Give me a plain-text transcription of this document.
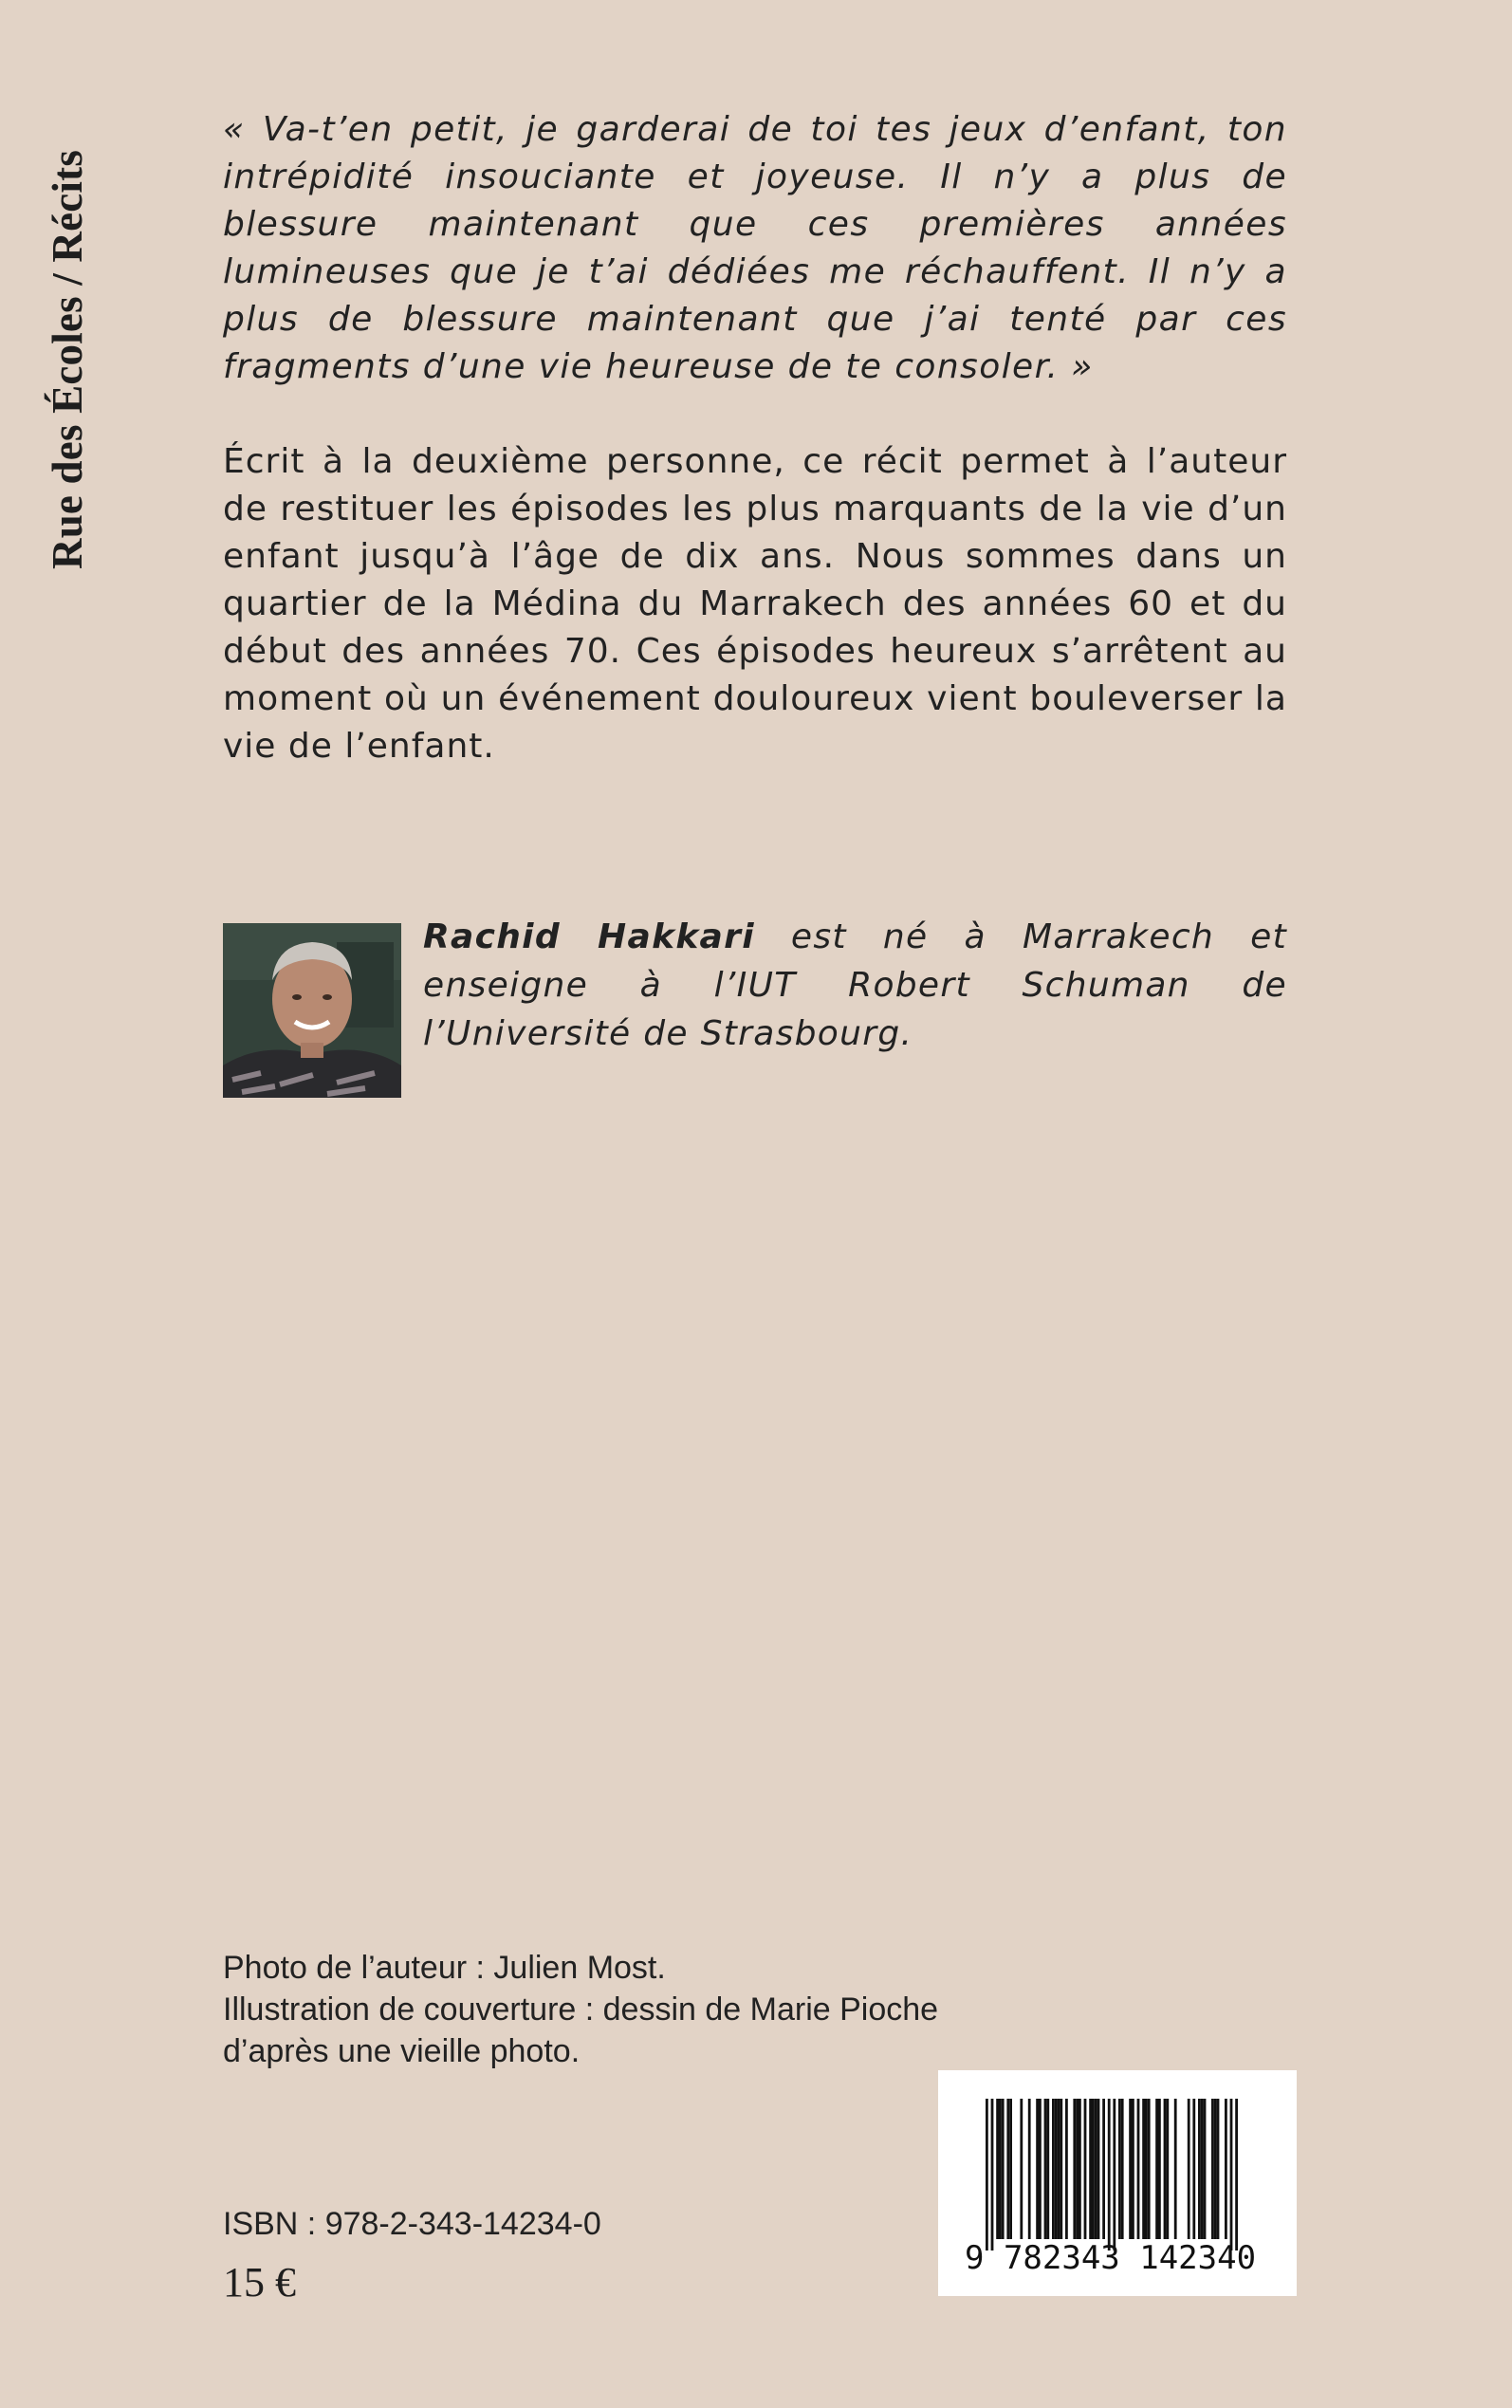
Rue des Écoles / Récits
« Va-t’en petit, je garderai de toi tes jeux d’enfant, ton intrépidité insouciante et joyeuse. Il n’y a plus de blessure maintenant que ces premières années lumineuses que je t’ai dédiées me réchauffent. Il n’y a plus de blessure maintenant que j’ai tenté par ces fragments d’une vie heureuse de te consoler. »
Écrit à la deuxième personne, ce récit permet à l’auteur de restituer les épisodes les plus marquants de la vie d’un enfant jusqu’à l’âge de dix ans. Nous sommes dans un quartier de la Médina du Marrakech des années 60 et du début des années 70. Ces épisodes heureux s’arrêtent au moment où un événement douloureux vient bouleverser la vie de l’enfant.
Rachid Hakkari est né à Marrakech et enseigne à l’IUT Robert Schuman de l’Université de Strasbourg.
Photo de l’auteur : Julien Most.
Illustration de couverture : dessin de Marie Pioche
d’après une vieille photo.
ISBN : 978-2-343-14234-0
15 €
9 782343 142340
